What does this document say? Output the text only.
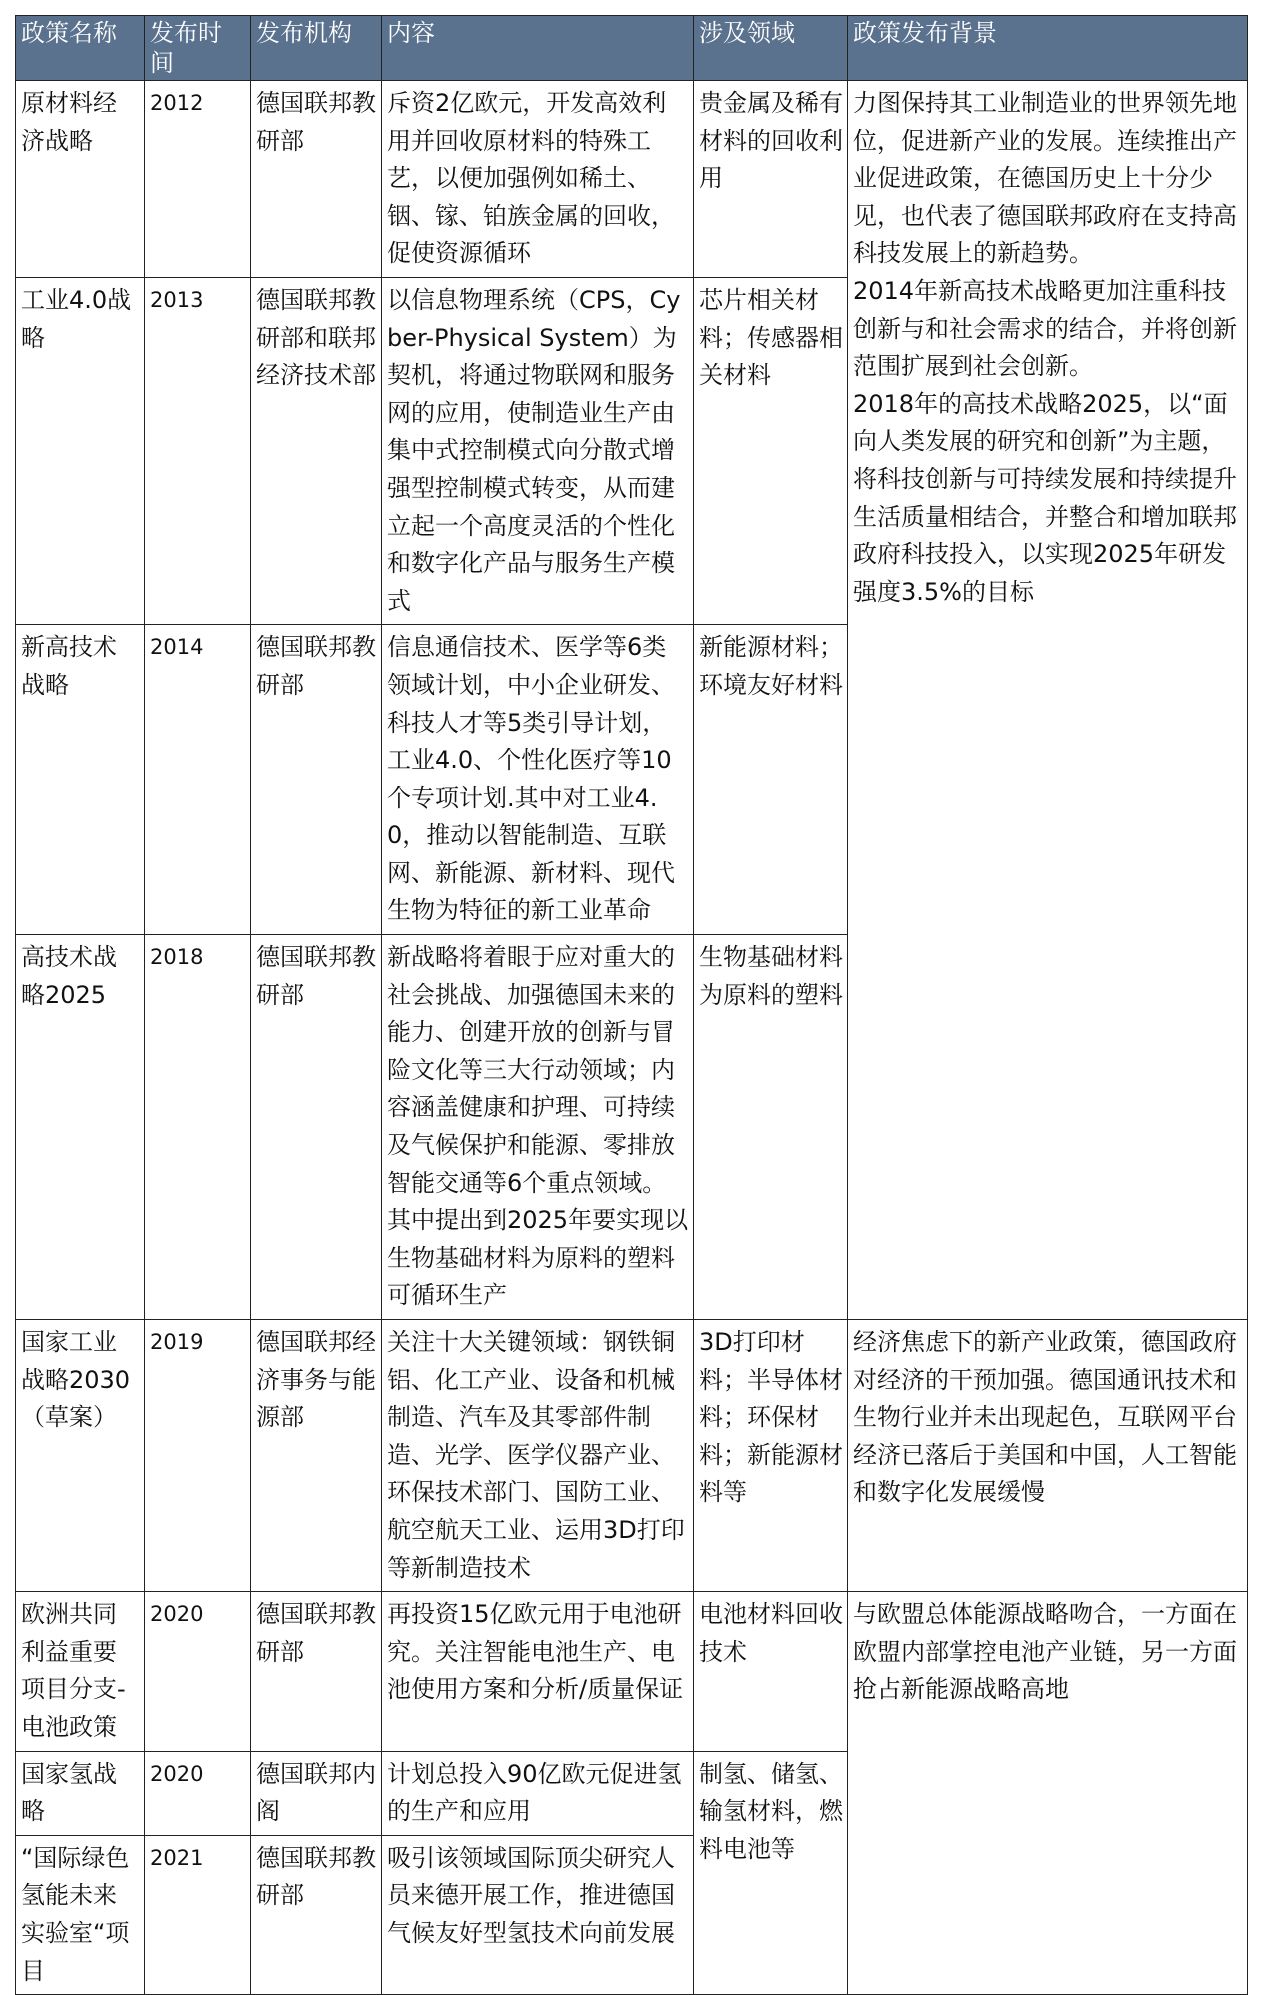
政策名称	发布时间	发布机构	内容	涉及领域	政策发布背景
原材料经济战略	2012	德国联邦教研部	斥资2亿欧元，开发高效利用并回收原材料的特殊工艺，以便加强例如稀土、铟、镓、铂族金属的回收，促使资源循环	贵金属及稀有材料的回收利用	力图保持其工业制造业的世界领先地位，促进新产业的发展。连续推出产业促进政策，在德国历史上十分少见，也代表了德国联邦政府在支持高科技发展上的新趋势。
2014年新高技术战略更加注重科技创新与和社会需求的结合，并将创新范围扩展到社会创新。
2018年的高技术战略2025，以“面向人类发展的研究和创新”为主题，将科技创新与可持续发展和持续提升生活质量相结合，并整合和增加联邦政府科技投入，以实现2025年研发强度3.5%的目标
工业4.0战略	2013	德国联邦教研部和联邦经济技术部	以信息物理系统（CPS，Cyber-Physical System）为契机，将通过物联网和服务网的应用，使制造业生产由集中式控制模式向分散式增强型控制模式转变，从而建立起一个高度灵活的个性化和数字化产品与服务生产模式	芯片相关材料；传感器相关材料	
新高技术战略	2014	德国联邦教研部	信息通信技术、医学等6类领域计划，中小企业研发、科技人才等5类引导计划，工业4.0、个性化医疗等10个专项计划.其中对工业4.0，推动以智能制造、互联网、新能源、新材料、现代生物为特征的新工业革命	新能源材料；环境友好材料	
高技术战略2025	2018	德国联邦教研部	新战略将着眼于应对重大的社会挑战、加强德国未来的能力、创建开放的创新与冒险文化等三大行动领域；内容涵盖健康和护理、可持续及气候保护和能源、零排放智能交通等6个重点领域。其中提出到2025年要实现以生物基础材料为原料的塑料可循环生产	生物基础材料为原料的塑料	
国家工业战略2030（草案）	2019	德国联邦经济事务与能源部	关注十大关键领域：钢铁铜铝、化工产业、设备和机械制造、汽车及其零部件制造、光学、医学仪器产业、环保技术部门、国防工业、航空航天工业、运用3D打印等新制造技术	3D打印材料；半导体材料；环保材料；新能源材料等	经济焦虑下的新产业政策，德国政府对经济的干预加强。德国通讯技术和生物行业并未出现起色，互联网平台经济已落后于美国和中国，人工智能和数字化发展缓慢
欧洲共同利益重要项目分支-电池政策	2020	德国联邦教研部	再投资15亿欧元用于电池研究。关注智能电池生产、电池使用方案和分析/质量保证	电池材料回收技术	与欧盟总体能源战略吻合，一方面在欧盟内部掌控电池产业链，另一方面抢占新能源战略高地
国家氢战略	2020	德国联邦内阁	计划总投入90亿欧元促进氢的生产和应用	制氢、储氢、输氢材料，燃料电池等	
“国际绿色氢能未来实验室“项目	2021	德国联邦教研部	吸引该领域国际顶尖研究人员来德开展工作，推进德国气候友好型氢技术向前发展		
